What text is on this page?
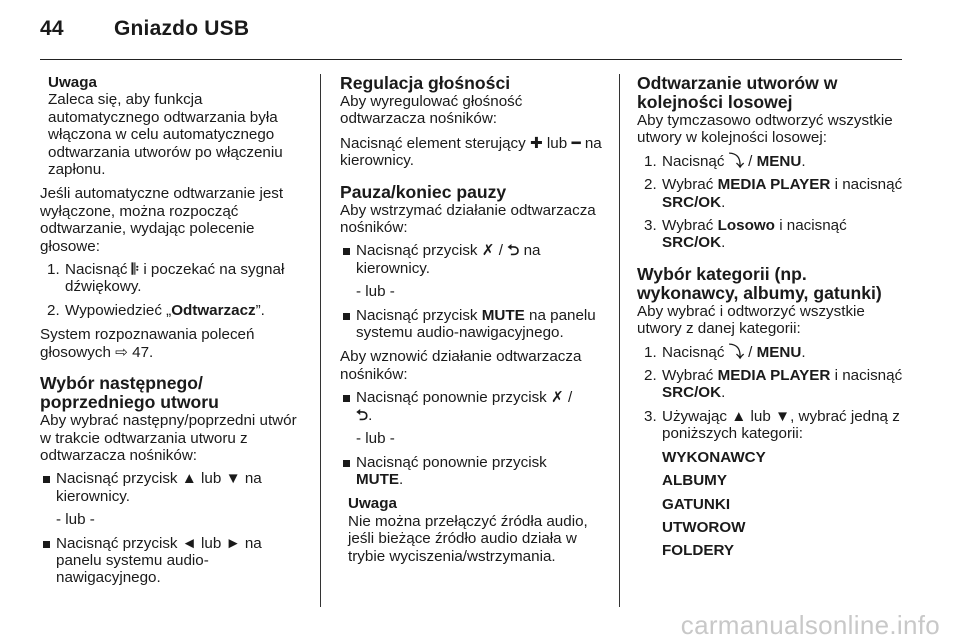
44 Gniazdo USB

Uwaga

Zaleca się, aby funkcja automatycznego odtwarzania była włączona w celu automatycznego odtwarzania utworów po włączeniu zapłonu.

Jeśli automatyczne odtwarzanie jest wyłączone, można rozpocząć odtwarzanie, wydając polecenie głosowe:

1. Nacisnąć 𝄆 i poczekać na sygnał dźwiękowy.
2. Wypowiedzieć „Odtwarzacz”.

System rozpoznawania poleceń głosowych ⇨ 47.

Wybór następnego/ poprzedniego utworu

Aby wybrać następny/poprzedni utwór w trakcie odtwarzania utworu z odtwarzacza nośników:

Nacisnąć przycisk ▲ lub ▼ na kierownicy.

- lub -

Nacisnąć przycisk ◄ lub ► na panelu systemu audio-nawigacyjnego.
Regulacja głośności

Aby wyregulować głośność odtwarzacza nośników:

Nacisnąć element sterujący ✚ lub ━ na kierownicy.

Pauza/koniec pauzy

Aby wstrzymać działanie odtwarzacza nośników:

Nacisnąć przycisk ✗ / ⮌ na kierownicy.

- lub -

Nacisnąć przycisk MUTE na panelu systemu audio-nawigacyjnego.

Aby wznowić działanie odtwarzacza nośników:

Nacisnąć ponownie przycisk ✗ /
⮌.

- lub -

Nacisnąć ponownie przycisk
MUTE.

Uwaga

Nie można przełączyć źródła audio, jeśli bieżące źródło audio działa w trybie wyciszenia/wstrzymania.

Odtwarzanie utworów w kolejności losowej

Aby tymczasowo odtworzyć wszystkie utwory w kolejności losowej:

1. Nacisnąć ⤵ / MENU.
2. Wybrać MEDIA PLAYER i nacisnąć SRC/OK.
3. Wybrać Losowo i nacisnąć SRC/OK.
Wybór kategorii (np. wykonawcy, albumy, gatunki)

Aby wybrać i odtworzyć wszystkie utwory z danej kategorii:

1. Nacisnąć ⤵ / MENU.
2. Wybrać MEDIA PLAYER i nacisnąć SRC/OK.
3. Używając ▲ lub ▼, wybrać jedną z poniższych kategorii:
WYKONAWCY
ALBUMY
GATUNKI
UTWOROW
FOLDERY
carmanualsonline.info
